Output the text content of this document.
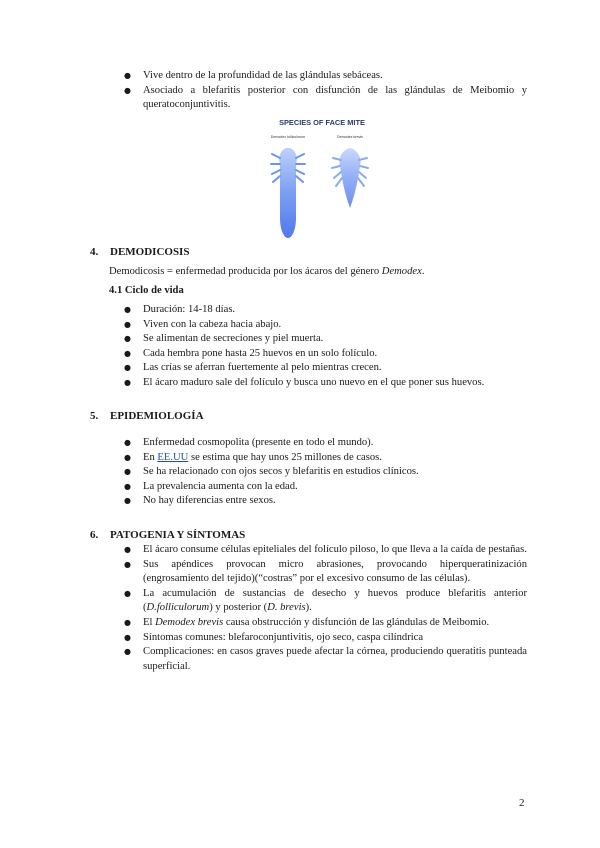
● Vive dentro de la profundidad de las glándulas sebáceas.
● Asociado a blefaritis posterior con disfunción de las glándulas de Meibomio y queratoconjuntivitis.
SPECIES OF FACE MITE
Demodex folliculorum	Demodex brevis
4. DEMODICOSIS
Demodicosis = enfermedad producida por los ácaros del género Demodex.
4.1 Ciclo de vida
● Duración: 14-18 días.
● Viven con la cabeza hacia abajo.
● Se alimentan de secreciones y piel muerta.
● Cada hembra pone hasta 25 huevos en un solo folículo.
● Las crías se aferran fuertemente al pelo mientras crecen.
● El ácaro maduro sale del folículo y busca uno nuevo en el que poner sus huevos.
5. EPIDEMIOLOGÍA
● Enfermedad cosmopolita (presente en todo el mundo).
● En EE.UU se estima que hay unos 25 millones de casos.
● Se ha relacionado con ojos secos y blefaritis en estudios clínicos.
● La prevalencia aumenta con la edad.
● No hay diferencias entre sexos.
6. PATOGENIA Y SÍNTOMAS
● El ácaro consume células epiteliales del folículo piloso, lo que lleva a la caída de pestañas.
● Sus apéndices provocan micro abrasiones, provocando hiperqueratinización (engrosamiento del tejido)(“costras” por el excesivo consumo de las células).
● La acumulación de sustancias de desecho y huevos produce blefaritis anterior (D.folliculorum) y posterior (D. brevis).
● El Demodex brevis causa obstrucción y disfunción de las glándulas de Meibomio.
● Síntomas comunes: blefaroconjuntivitis, ojo seco, caspa cilíndrica
● Complicaciones: en casos graves puede afectar la córnea, produciendo queratitis punteada superficial.
2
